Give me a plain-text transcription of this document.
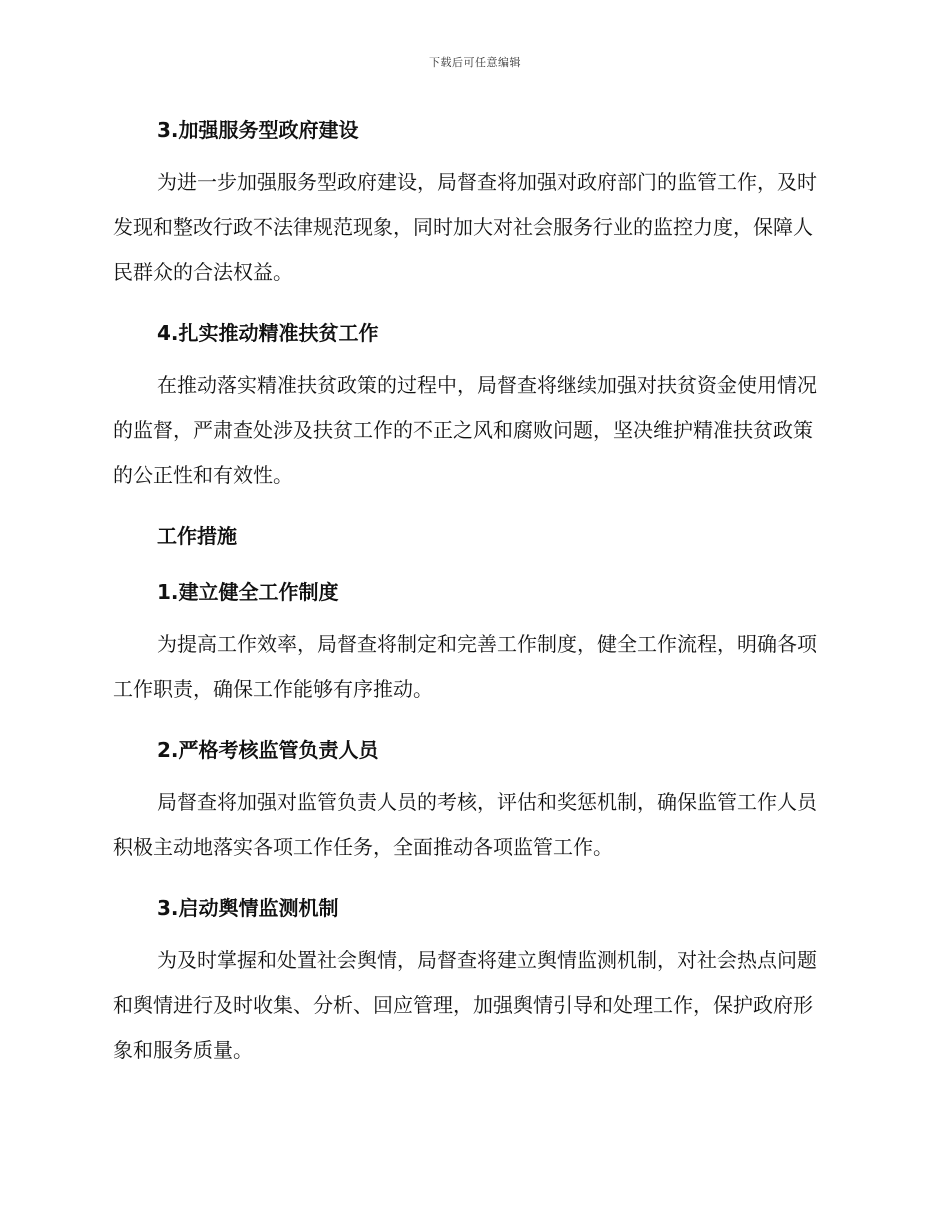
下载后可任意编辑
3.加强服务型政府建设

为进一步加强服务型政府建设，局督查将加强对政府部门的监管工作，及时发现和整改行政不法律规范现象，同时加大对社会服务行业的监控力度，保障人民群众的合法权益。

4.扎实推动精准扶贫工作

在推动落实精准扶贫政策的过程中，局督查将继续加强对扶贫资金使用情况的监督，严肃查处涉及扶贫工作的不正之风和腐败问题，坚决维护精准扶贫政策的公正性和有效性。

工作措施
1.建立健全工作制度

为提高工作效率，局督查将制定和完善工作制度，健全工作流程，明确各项工作职责，确保工作能够有序推动。

2.严格考核监管负责人员

局督查将加强对监管负责人员的考核，评估和奖惩机制，确保监管工作人员积极主动地落实各项工作任务，全面推动各项监管工作。

3.启动舆情监测机制

为及时掌握和处置社会舆情，局督查将建立舆情监测机制，对社会热点问题和舆情进行及时收集、分析、回应管理，加强舆情引导和处理工作，保护政府形象和服务质量。
